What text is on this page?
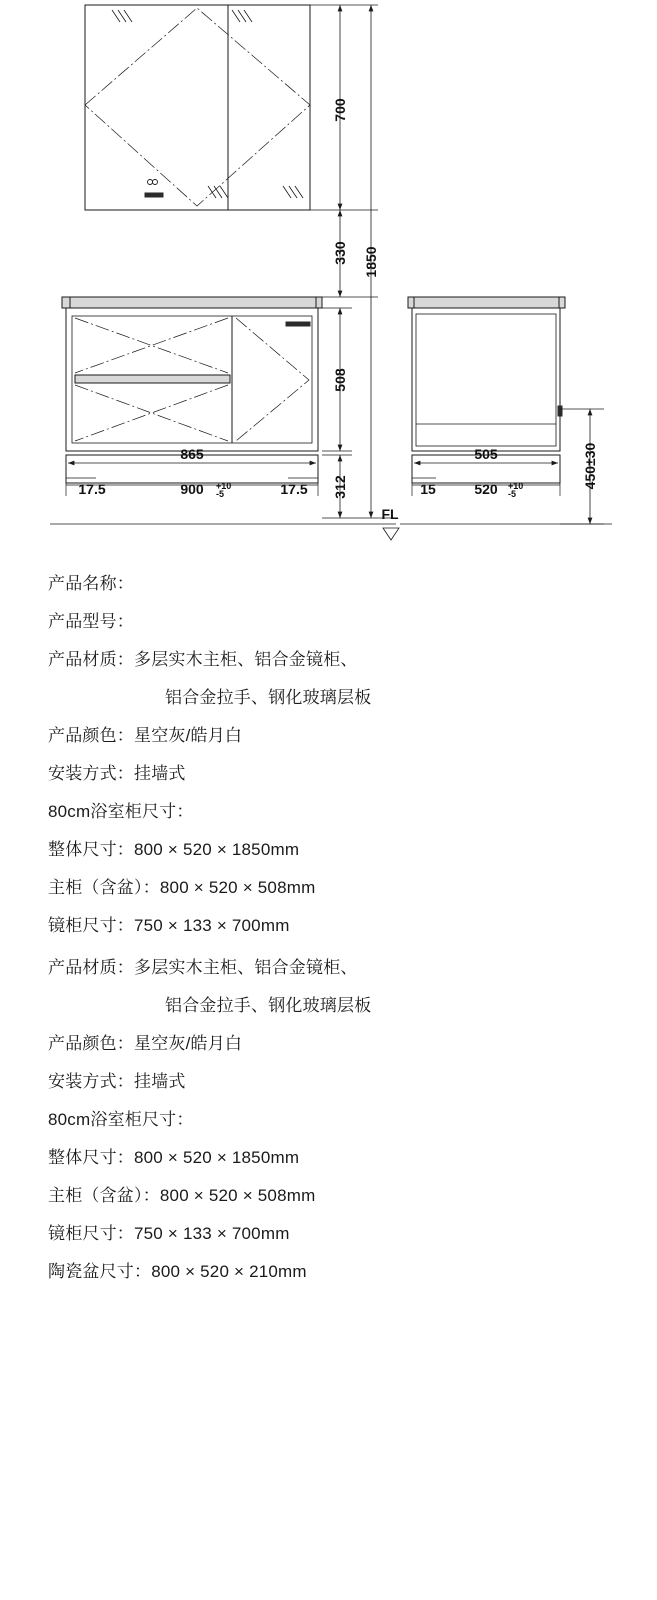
700
330 1850
508
312
865
900 +10
-5
17.5	17.5
FL
505
520 +10
-5
15	450±30
产品名称：
产品型号：
产品材质：多层实木主柜、铝合金镜柜、
铝合金拉手、钢化玻璃层板
产品颜色：星空灰/皓月白
安装方式：挂墙式
80cm浴室柜尺寸：
整体尺寸：800 × 520 × 1850mm
主柜（含盆）：800 × 520 × 508mm
镜柜尺寸：750 × 133 × 700mm
产品材质：多层实木主柜、铝合金镜柜、
铝合金拉手、钢化玻璃层板
产品颜色：星空灰/皓月白
安装方式：挂墙式
80cm浴室柜尺寸：
整体尺寸：800 × 520 × 1850mm
主柜（含盆）：800 × 520 × 508mm
镜柜尺寸：750 × 133 × 700mm
陶瓷盆尺寸：800 × 520 × 210mm
